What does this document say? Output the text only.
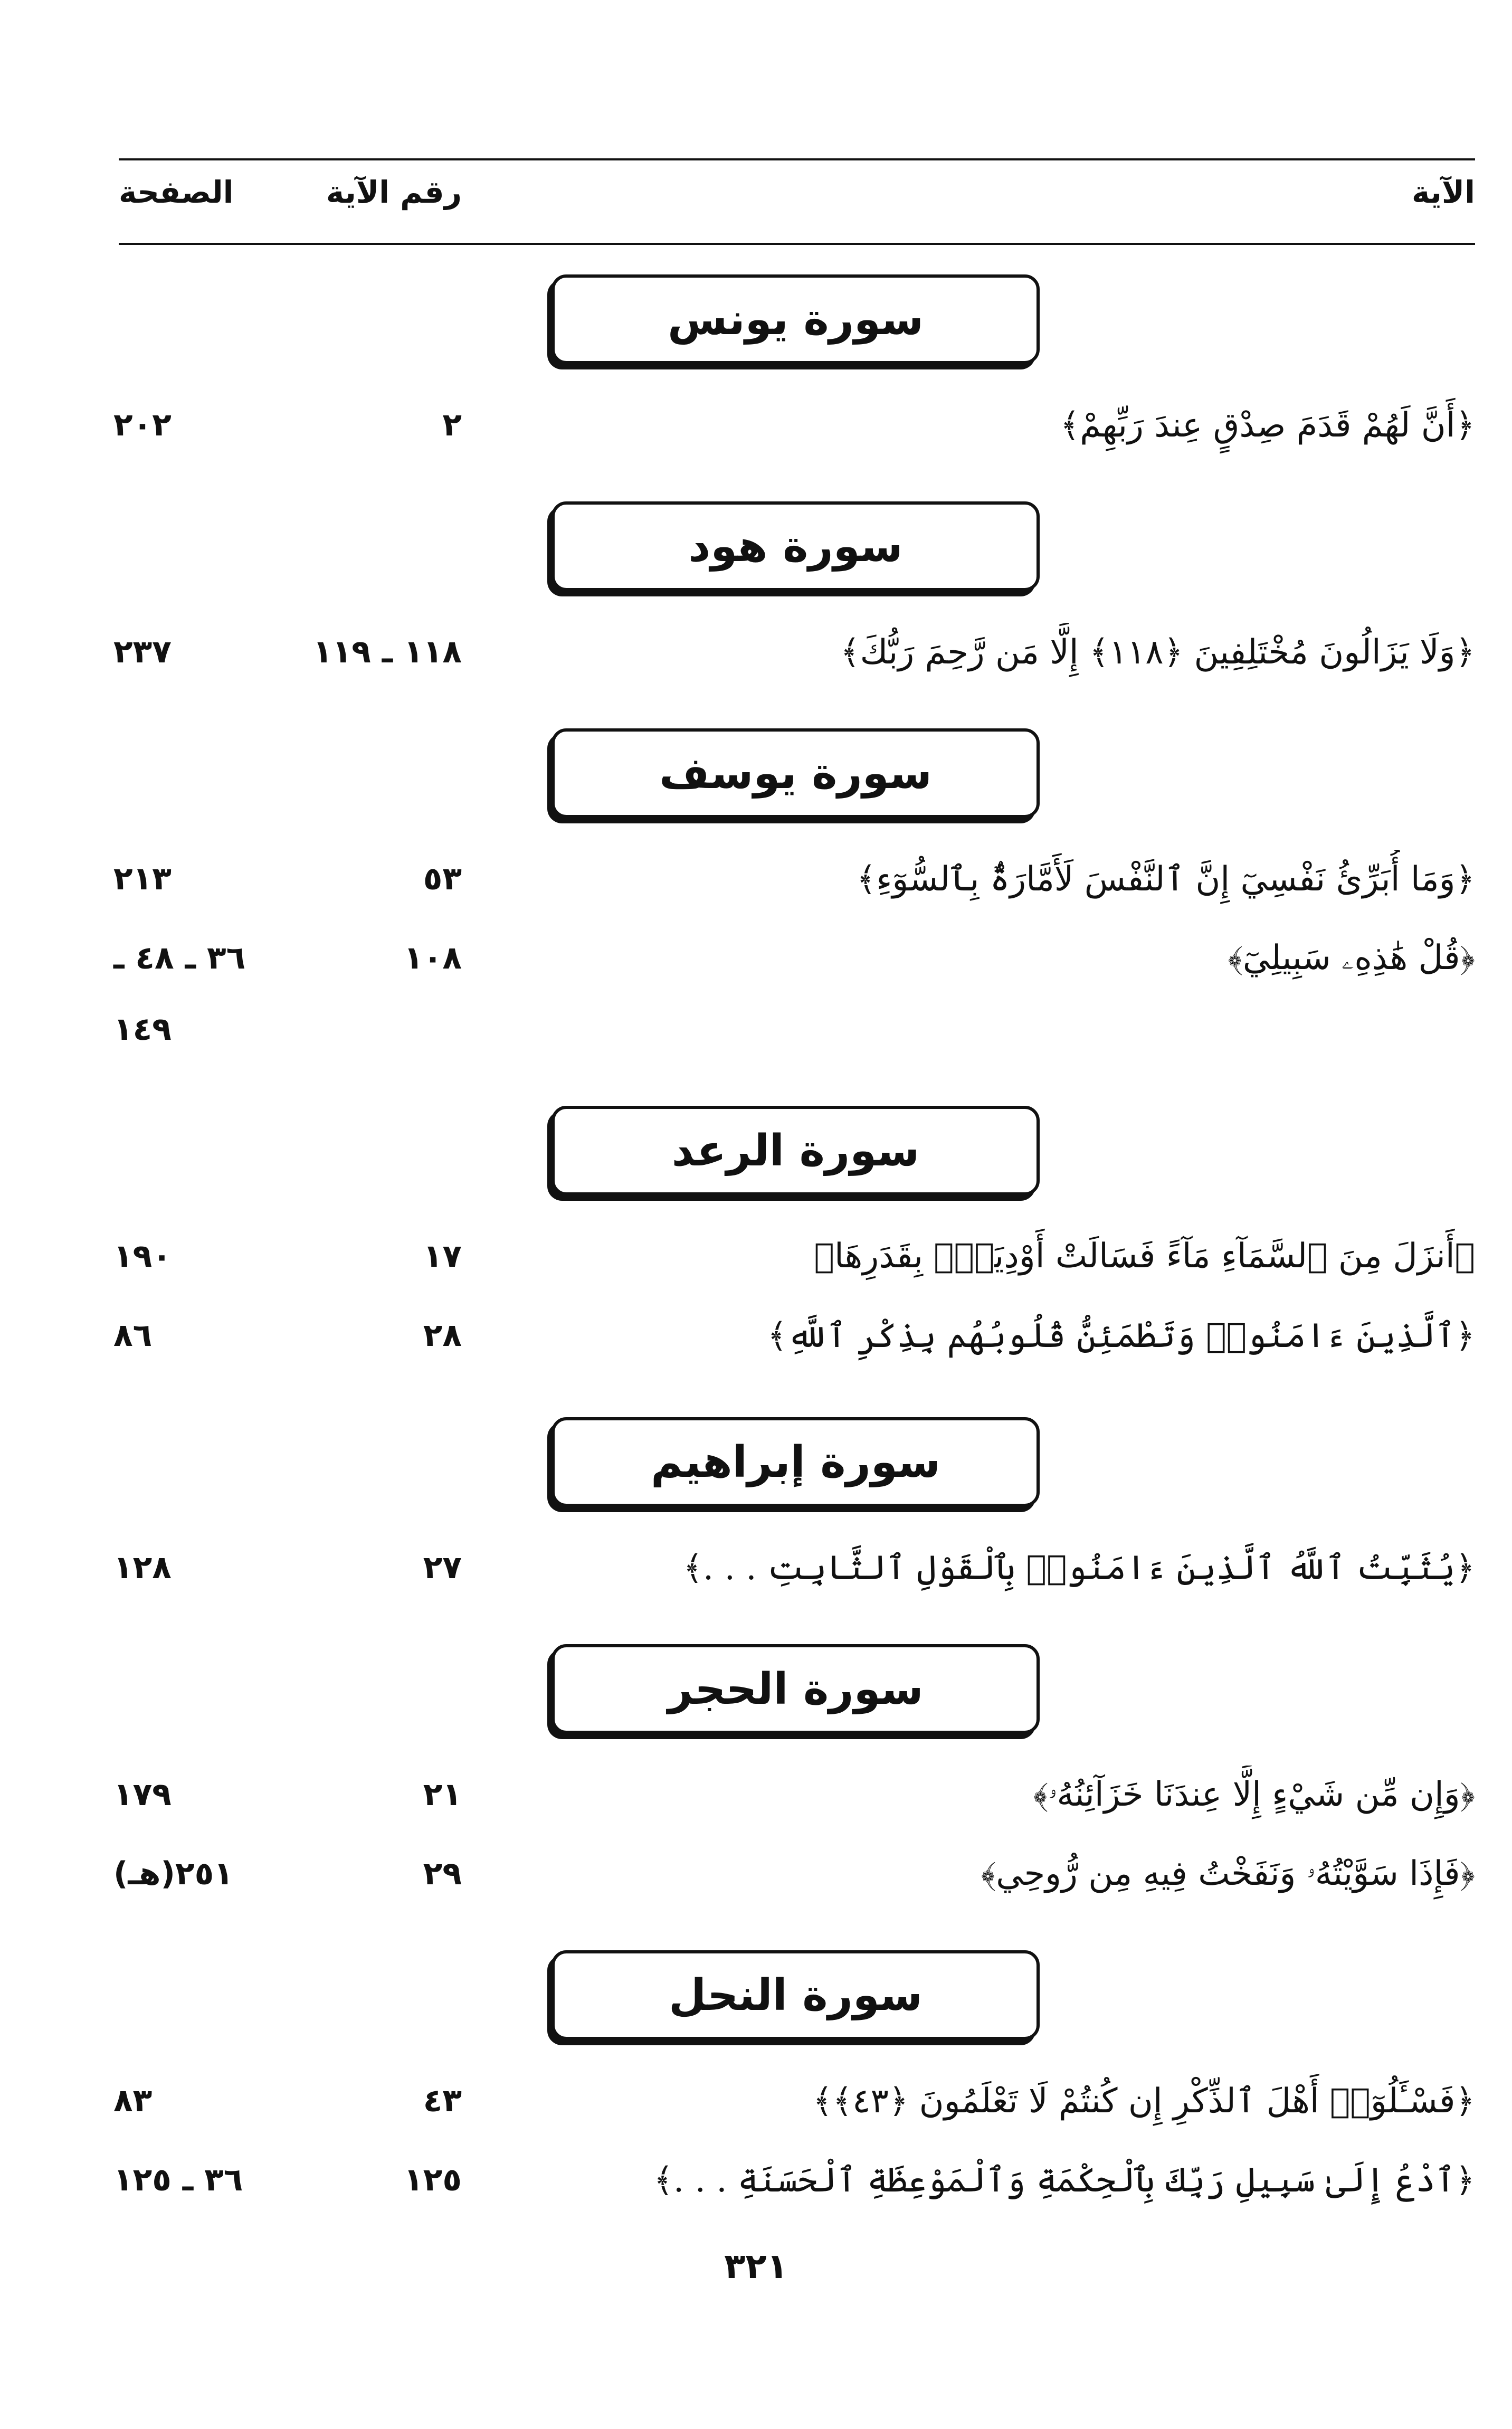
الآية
رقم الآية
الصفحة
سورة يونس
﴿أَنَّ لَهُمْ قَدَمَ صِدْقٍ عِندَ رَبِّهِمْ﴾
٢
٢٠٢
سورة هود
﴿وَلَا يَزَالُونَ مُخْتَلِفِينَ ﴿١١٨﴾ إِلَّا مَن رَّحِمَ رَبُّكَ﴾
١١٨ ـ ١١٩
٢٣٧
سورة يوسف
﴿وَمَا أُبَرِّئُ نَفْسِيٓ إِنَّ ٱلنَّفْسَ لَأَمَّارَةٌۢ بِٱلسُّوٓءِ﴾
٥٣
٢١٣
﴿قُلْ هَٰذِهِۦ سَبِيلِيٓ﴾
١٠٨
٣٦ ـ ٤٨ ـ
١٤٩
سورة الرعد
﴿أَنزَلَ مِنَ ٱلسَّمَآءِ مَآءً فَسَالَتْ أَوْدِيَةٌۢ بِقَدَرِهَا﴾
١٧
١٩٠
﴿ٱلَّذِينَ ءَامَنُوا۟ وَتَطْمَئِنُّ قُلُوبُهُم بِذِكْرِ ٱللَّهِ﴾
٢٨
٨٦
سورة إبراهيم
﴿يُثَبِّتُ ٱللَّهُ ٱلَّذِينَ ءَامَنُوا۟ بِٱلْقَوْلِ ٱلثَّابِتِ . . .﴾
٢٧
١٢٨
سورة الحجر
﴿وَإِن مِّن شَيْءٍ إِلَّا عِندَنَا خَزَآئِنُهُۥ﴾
٢١
١٧٩
﴿فَإِذَا سَوَّيْتُهُۥ وَنَفَخْتُ فِيهِ مِن رُّوحِي﴾
٢٩
٢٥١(هـ)
سورة النحل
﴿فَسْـَٔلُوٓا۟ أَهْلَ ٱلذِّكْرِ إِن كُنتُمْ لَا تَعْلَمُونَ ﴿٤٣﴾﴾
٤٣
٨٣
﴿ٱدْعُ إِلَىٰ سَبِيلِ رَبِّكَ بِٱلْحِكْمَةِ وَٱلْمَوْعِظَةِ ٱلْحَسَنَةِ . . .﴾
١٢٥
٣٦ ـ ١٢٥
٣٢١
